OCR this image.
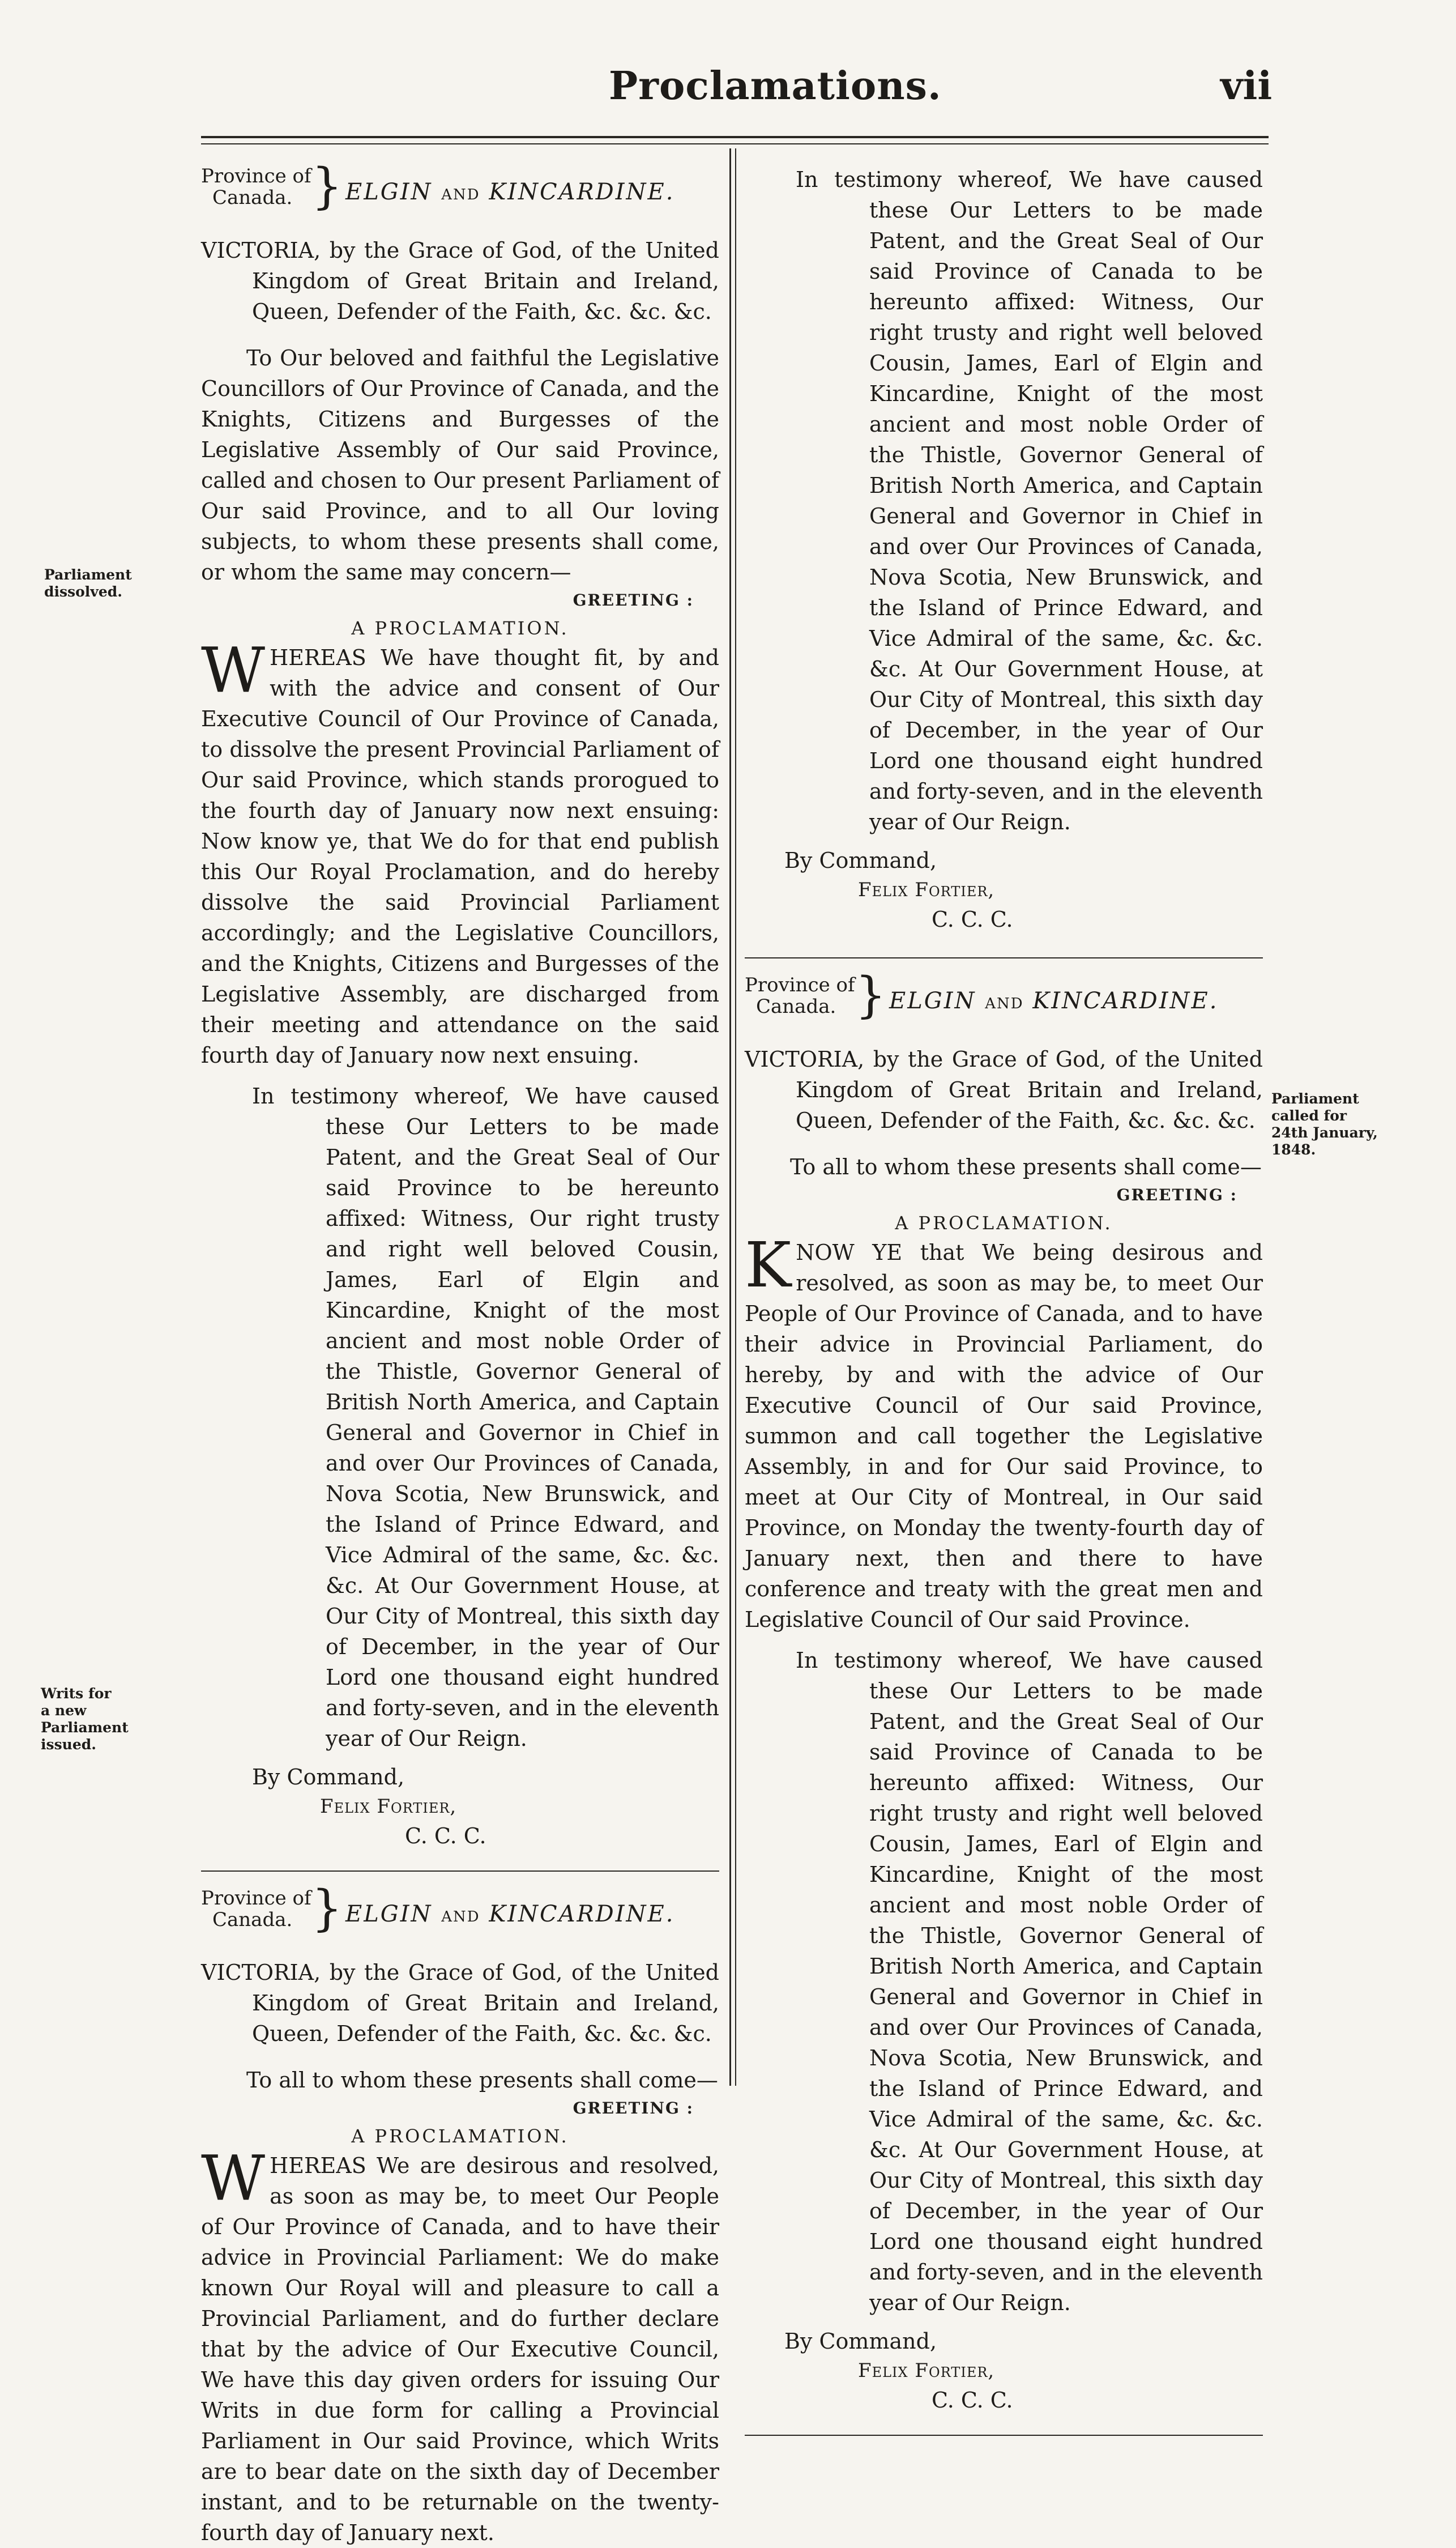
Proclamations.	vii
Province of
Canada. } ELGIN AND KINCARDINE.

VICTORIA, by the Grace of God, of the United Kingdom of Great Britain and Ireland, Queen, Defender of the Faith, &c. &c. &c.

To Our beloved and faithful the Legislative Councillors of Our Province of Canada, and the Knights, Citizens and Burgesses of the Legislative Assembly of Our said Province, called and chosen to Our present Parliament of Our said Province, and to all Our loving subjects, to whom these presents shall come, or whom the same may concern—

GREETING :

A PROCLAMATION.

WHEREAS We have thought fit, by and with the advice and consent of Our Executive Council of Our Province of Canada, to dissolve the present Provincial Parliament of Our said Province, which stands prorogued to the fourth day of January now next ensuing: Now know ye, that We do for that end publish this Our Royal Proclamation, and do hereby dissolve the said Provincial Parliament accordingly; and the Legislative Councillors, and the Knights, Citizens and Burgesses of the Legislative Assembly, are discharged from their meeting and attendance on the said fourth day of January now next ensuing.

In testimony whereof, We have caused these Our Letters to be made Patent, and the Great Seal of Our said Province to be hereunto affixed: Witness, Our right trusty and right well beloved Cousin, James, Earl of Elgin and Kincardine, Knight of the most ancient and most noble Order of the Thistle, Governor General of British North America, and Captain General and Governor in Chief in and over Our Provinces of Canada, Nova Scotia, New Brunswick, and the Island of Prince Edward, and Vice Admiral of the same, &c. &c. &c. At Our Government House, at Our City of Montreal, this sixth day of December, in the year of Our Lord one thousand eight hundred and forty-seven, and in the eleventh year of Our Reign.

By Command,

Felix Fortier,

C. C. C.

Province of
Canada. } ELGIN AND KINCARDINE.

VICTORIA, by the Grace of God, of the United Kingdom of Great Britain and Ireland, Queen, Defender of the Faith, &c. &c. &c.

To all to whom these presents shall come—

GREETING :

A PROCLAMATION.

WHEREAS We are desirous and resolved, as soon as may be, to meet Our People of Our Province of Canada, and to have their advice in Provincial Parliament: We do make known Our Royal will and pleasure to call a Provincial Parliament, and do further declare that by the advice of Our Executive Council, We have this day given orders for issuing Our Writs in due form for calling a Provincial Parliament in Our said Province, which Writs are to bear date on the sixth day of December instant, and to be returnable on the twenty-fourth day of January next.
Parliament dissolved.
Writs for a new Parliament issued.

In testimony whereof, We have caused these Our Letters to be made Patent, and the Great Seal of Our said Province of Canada to be hereunto affixed: Witness, Our right trusty and right well beloved Cousin, James, Earl of Elgin and Kincardine, Knight of the most ancient and most noble Order of the Thistle, Governor General of British North America, and Captain General and Governor in Chief in and over Our Provinces of Canada, Nova Scotia, New Brunswick, and the Island of Prince Edward, and Vice Admiral of the same, &c. &c. &c. At Our Government House, at Our City of Montreal, this sixth day of December, in the year of Our Lord one thousand eight hundred and forty-seven, and in the eleventh year of Our Reign.

By Command,

Felix Fortier,

C. C. C.

Province of
Canada. } ELGIN AND KINCARDINE.

VICTORIA, by the Grace of God, of the United Kingdom of Great Britain and Ireland, Queen, Defender of the Faith, &c. &c. &c.

To all to whom these presents shall come—

GREETING :

A PROCLAMATION.

KNOW YE that We being desirous and resolved, as soon as may be, to meet Our People of Our Province of Canada, and to have their advice in Provincial Parliament, do hereby, by and with the advice of Our Executive Council of Our said Province, summon and call together the Legislative Assembly, in and for Our said Province, to meet at Our City of Montreal, in Our said Province, on Monday the twenty-fourth day of January next, then and there to have conference and treaty with the great men and Legislative Council of Our said Province.

In testimony whereof, We have caused these Our Letters to be made Patent, and the Great Seal of Our said Province of Canada to be hereunto affixed: Witness, Our right trusty and right well beloved Cousin, James, Earl of Elgin and Kincardine, Knight of the most ancient and most noble Order of the Thistle, Governor General of British North America, and Captain General and Governor in Chief in and over Our Provinces of Canada, Nova Scotia, New Brunswick, and the Island of Prince Edward, and Vice Admiral of the same, &c. &c. &c. At Our Government House, at Our City of Montreal, this sixth day of December, in the year of Our Lord one thousand eight hundred and forty-seven, and in the eleventh year of Our Reign.

By Command,

Felix Fortier,

C. C. C.

Parliament called for 24th January, 1848.
